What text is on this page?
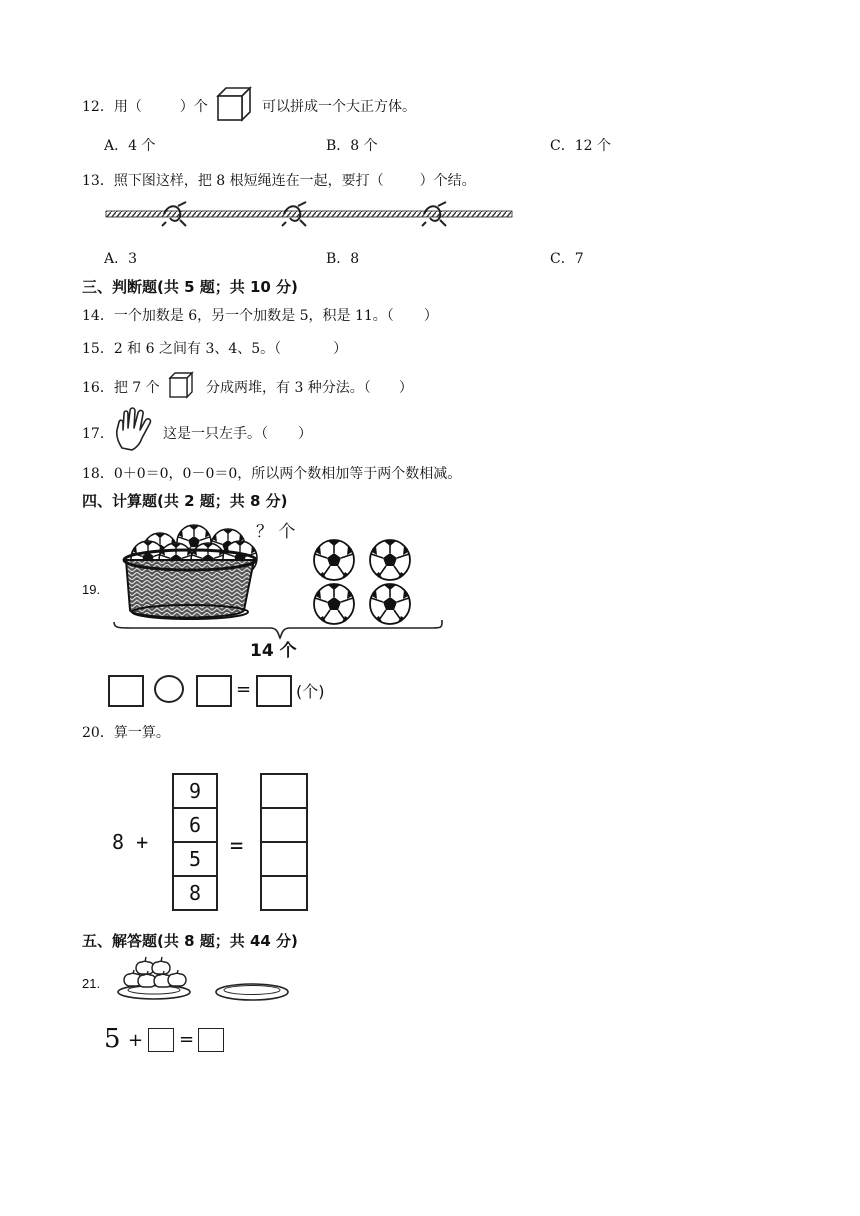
12．用（	）个	可以拼成一个大正方体。
A．4 个	B．8 个	C．12 个
13．照下图这样，把 8 根短绳连在一起，要打（	）个结。
A．3	B．8	C．7
三、判断题(共 5 题；共 10 分)
14．一个加数是 6，另一个加数是 5，积是 11。（ ）
15．2 和 6 之间有 3、4、5。（	）
16．把 7 个	分成两堆，有 3 种分法。（ ）
17．	这是一只左手。（ ）
18．0＋0＝0，0－0＝0，所以两个数相加等于两个数相减。
四、计算题(共 2 题；共 8 分)
19.
？ 个
14 个
=	(个)
20．算一算。
8 +
9
6
5
8
=
五、解答题(共 8 题；共 44 分)
21.
5 + =
